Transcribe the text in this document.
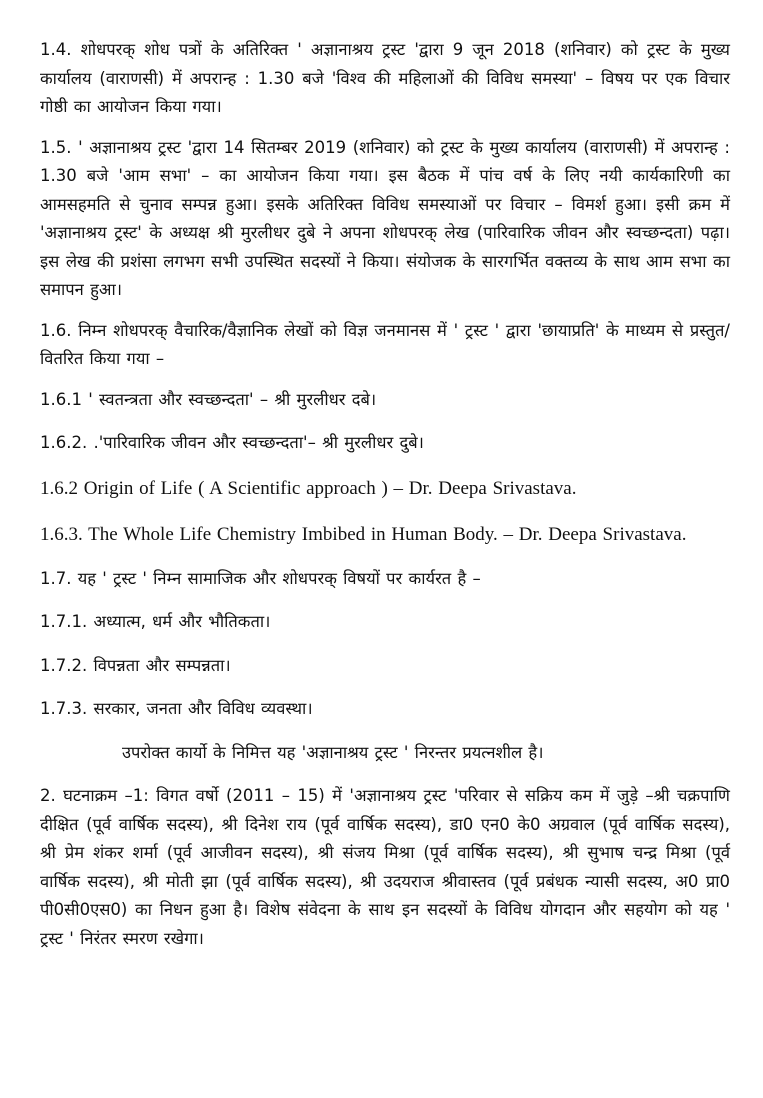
1.4. शोधपरक् शोध पत्रों के अतिरिक्त ' अज्ञानाश्रय ट्रस्ट 'द्वारा 9 जून 2018 (शनिवार) को ट्रस्ट के मुख्य कार्यालय (वाराणसी) में अपरान्ह : 1.30 बजे 'विश्व की महिलाओं की विविध समस्या' – विषय पर एक विचार गोष्ठी का आयोजन किया गया।

1.5. ' अज्ञानाश्रय ट्रस्ट 'द्वारा 14 सितम्बर 2019 (शनिवार) को ट्रस्ट के मुख्य कार्यालय (वाराणसी) में अपरान्ह : 1.30 बजे 'आम सभा' – का आयोजन किया गया। इस बैठक में पांच वर्ष के लिए नयी कार्यकारिणी का आमसहमति से चुनाव सम्पन्न हुआ। इसके अतिरिक्त विविध समस्याओं पर विचार – विमर्श हुआ। इसी क्रम में 'अज्ञानाश्रय ट्रस्ट' के अध्यक्ष श्री मुरलीधर दुबे ने अपना शोधपरक् लेख (पारिवारिक जीवन और स्वच्छन्दता) पढ़ा। इस लेख की प्रशंसा लगभग सभी उपस्थित सदस्यों ने किया। संयोजक के सारगर्भित वक्तव्य के साथ आम सभा का समापन हुआ।

1.6. निम्न शोधपरक् वैचारिक/वैज्ञानिक लेखों को विज्ञ जनमानस में ' ट्रस्ट ' द्वारा 'छायाप्रति' के माध्यम से प्रस्तुत/वितरित किया गया –

1.6.1 ' स्वतन्त्रता और स्वच्छन्दता' – श्री मुरलीधर दबे।

1.6.2. .'पारिवारिक जीवन और स्वच्छन्दता'– श्री मुरलीधर दुबे।

1.6.2 Origin of Life ( A Scientific approach ) – Dr. Deepa Srivastava.

1.6.3. The Whole Life Chemistry Imbibed in Human Body. – Dr. Deepa Srivastava.

1.7. यह ' ट्रस्ट ' निम्न सामाजिक और शोधपरक् विषयों पर कार्यरत है –

1.7.1. अध्यात्म, धर्म और भौतिकता।

1.7.2. विपन्नता और सम्पन्नता।

1.7.3. सरकार, जनता और विविध व्यवस्था।

उपरोक्त कार्यो के निमित्त यह 'अज्ञानाश्रय ट्रस्ट ' निरन्तर प्रयत्नशील है।

2. घटनाक्रम –1: विगत वर्षो (2011 – 15) में 'अज्ञानाश्रय ट्रस्ट 'परिवार से सक्रिय कम में जुड़े –श्री चक्रपाणि दीक्षित (पूर्व वार्षिक सदस्य), श्री दिनेश राय (पूर्व वार्षिक सदस्य), डा0 एन0 के0 अग्रवाल (पूर्व वार्षिक सदस्य), श्री प्रेम शंकर शर्मा (पूर्व आजीवन सदस्य), श्री संजय मिश्रा (पूर्व वार्षिक सदस्य), श्री सुभाष चन्द्र मिश्रा (पूर्व वार्षिक सदस्य), श्री मोती झा (पूर्व वार्षिक सदस्य), श्री उदयराज श्रीवास्तव (पूर्व प्रबंधक न्यासी सदस्य, अ0 प्रा0 पी0सी0एस0) का निधन हुआ है। विशेष संवेदना के साथ इन सदस्यों के विविध योगदान और सहयोग को यह ' ट्रस्ट ' निरंतर स्मरण रखेगा।
